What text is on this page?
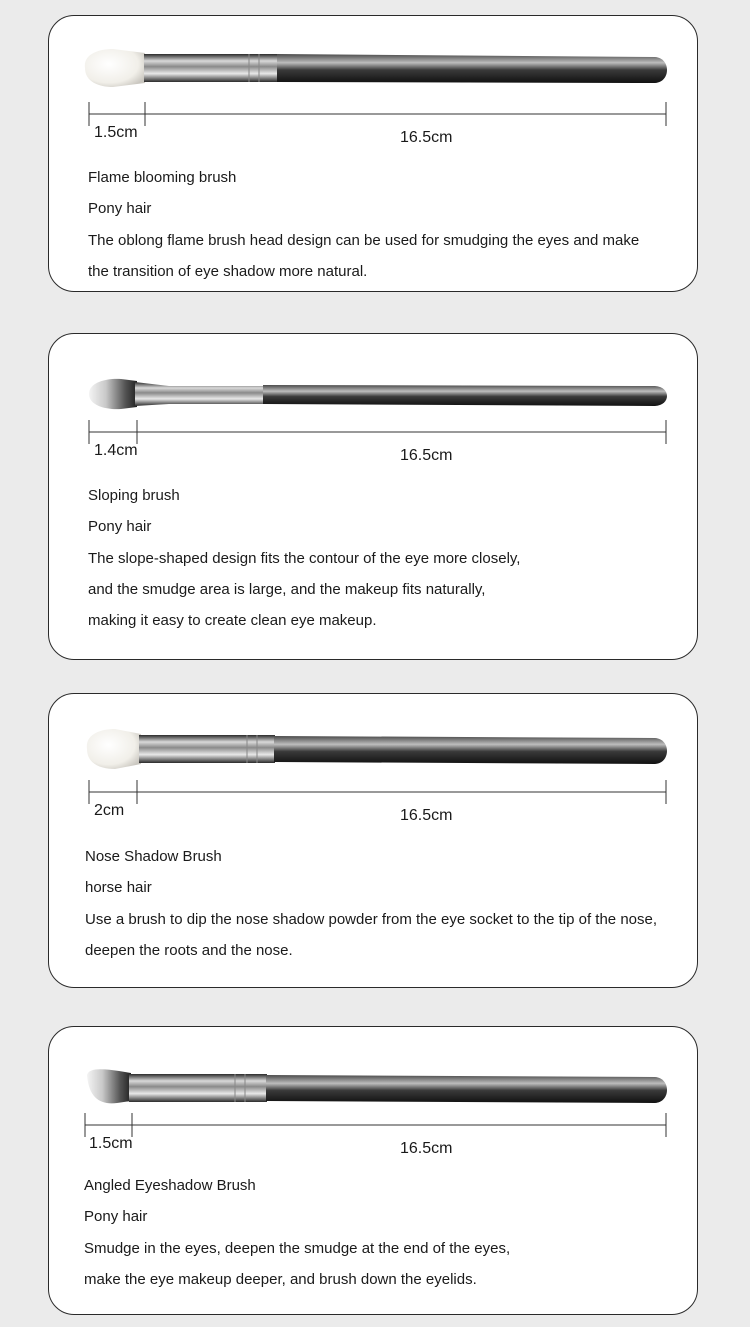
1.5cm	16.5cm
Flame blooming brush
Pony hair
The oblong flame brush head design can be used for smudging the eyes and make
the transition of eye shadow more natural.
1.4cm	16.5cm
Sloping brush
Pony hair
The slope-shaped design fits the contour of the eye more closely,
and the smudge area is large, and the makeup fits naturally,
making it easy to create clean eye makeup.
2cm	16.5cm
Nose Shadow Brush
horse hair
Use a brush to dip the nose shadow powder from the eye socket to the tip of the nose,
deepen the roots and the nose.
1.5cm	16.5cm
Angled Eyeshadow Brush
Pony hair
Smudge in the eyes, deepen the smudge at the end of the eyes,
make the eye makeup deeper, and brush down the eyelids.
